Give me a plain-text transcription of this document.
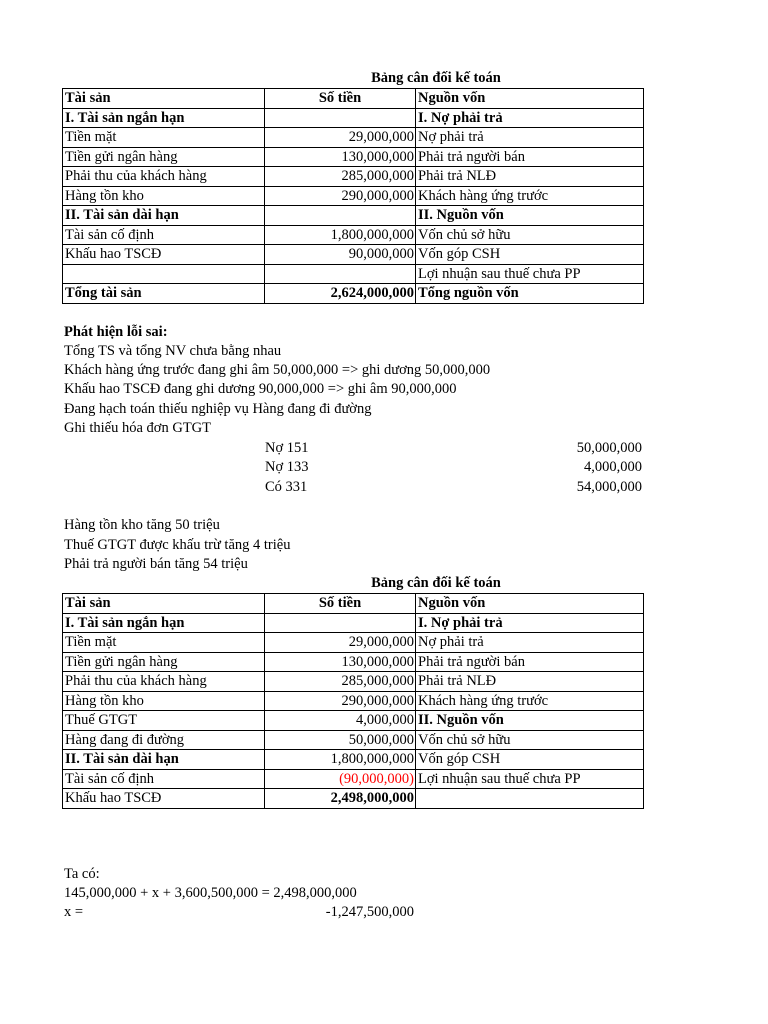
Bảng cân đối kế toán
Tài sản	Số tiền	Nguồn vốn
I. Tài sản ngắn hạn		I. Nợ phải trả
Tiền mặt	29,000,000	Nợ phải trả
Tiền gửi ngân hàng	130,000,000	Phải trả người bán
Phải thu của khách hàng	285,000,000	Phải trả NLĐ
Hàng tồn kho	290,000,000	Khách hàng ứng trước
II. Tài sản dài hạn		II. Nguồn vốn
Tài sản cố định	1,800,000,000	Vốn chủ sở hữu
Khấu hao TSCĐ	90,000,000	Vốn góp CSH
		Lợi nhuận sau thuế chưa PP
Tổng tài sản	2,624,000,000	Tổng nguồn vốn
Phát hiện lỗi sai:
Tổng TS và tổng NV chưa bằng nhau
Khách hàng ứng trước đang ghi âm 50,000,000 => ghi dương 50,000,000
Khấu hao TSCĐ đang ghi dương 90,000,000 => ghi âm 90,000,000
Đang hạch toán thiếu nghiệp vụ Hàng đang đi đường
Ghi thiếu hóa đơn GTGT
Nợ 151	50,000,000
Nợ 133	4,000,000
Có 331	54,000,000
Hàng tồn kho tăng 50 triệu
Thuế GTGT được khấu trừ tăng 4 triệu
Phải trả người bán tăng 54 triệu
Bảng cân đối kế toán
Tài sản	Số tiền	Nguồn vốn
I. Tài sản ngắn hạn		I. Nợ phải trả
Tiền mặt	29,000,000	Nợ phải trả
Tiền gửi ngân hàng	130,000,000	Phải trả người bán
Phải thu của khách hàng	285,000,000	Phải trả NLĐ
Hàng tồn kho	290,000,000	Khách hàng ứng trước
Thuế GTGT	4,000,000	II. Nguồn vốn
Hàng đang đi đường	50,000,000	Vốn chủ sở hữu
II. Tài sản dài hạn	1,800,000,000	Vốn góp CSH
Tài sản cố định	(90,000,000)	Lợi nhuận sau thuế chưa PP
Khấu hao TSCĐ	2,498,000,000	
Ta có:
145,000,000 + x + 3,600,500,000 = 2,498,000,000
x =	-1,247,500,000
